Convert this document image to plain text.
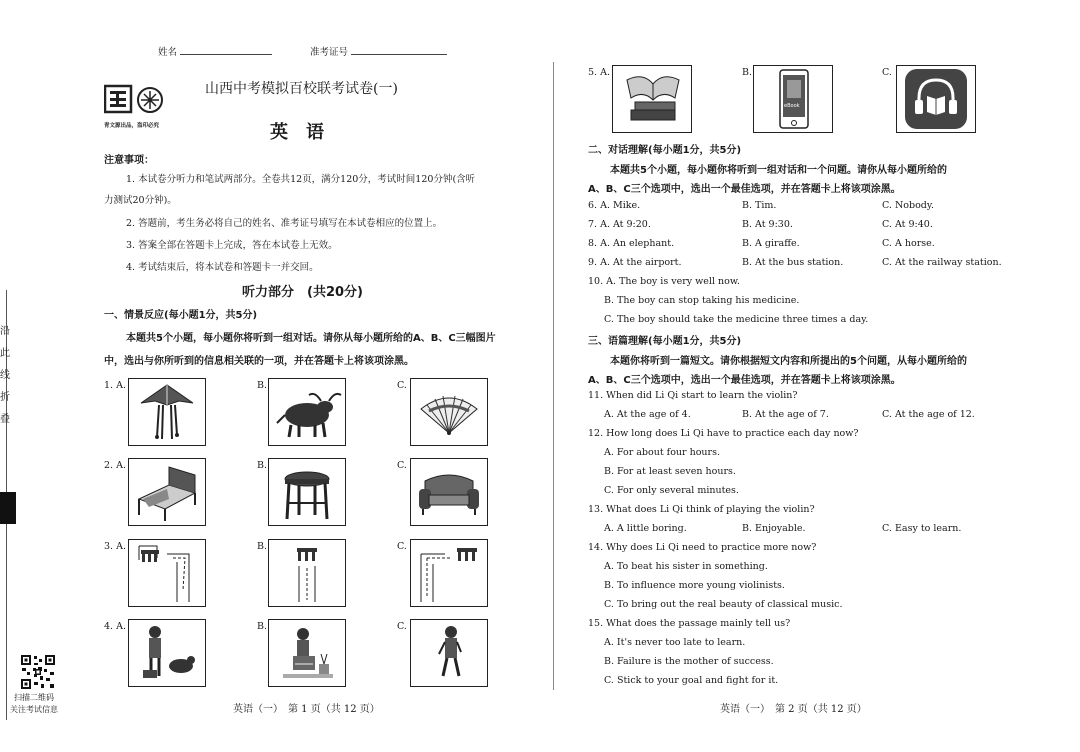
沿
此
线
折
叠
扫描二维码
关注考试信息
姓名	准考证号
青文源出品，盗印必究
山西中考模拟百校联考试卷(一)
英　语
注意事项：
1. 本试卷分听力和笔试两部分。全卷共12页，满分120分，考试时间120分钟(含听
力测试20分钟)。
2. 答题前，考生务必将自己的姓名、准考证号填写在本试卷相应的位置上。
3. 答案全部在答题卡上完成，答在本试卷上无效。
4. 考试结束后，将本试卷和答题卡一并交回。
听力部分　(共20分)
一、情景反应(每小题1分，共5分)
本题共5个小题，每小题你将听到一组对话。请你从每小题所给的A、B、C三幅图片
中，选出与你所听到的信息相关联的一项，并在答题卡上将该项涂黑。
1. A.	B.	C.
2. A.	B.	C.
3. A.	B.	C.
4. A.	B.	C.
英语（一）　第 1 页（共 12 页）
5. A.	B.
eBook
C.
二、对话理解(每小题1分，共5分)
本题共5个小题，每小题你将听到一组对话和一个问题。请你从每小题所给的
A、B、C三个选项中，选出一个最佳选项，并在答题卡上将该项涂黑。
6. A. Mike.	B. Tim.	C. Nobody.
7. A. At 9:20.	B. At 9:30.	C. At 9:40.
8. A. An elephant.	B. A giraffe.	C. A horse.
9. A. At the airport.	B. At the bus station.	C. At the railway station.
10. A. The boy is very well now.
B. The boy can stop taking his medicine.
C. The boy should take the medicine three times a day.
三、语篇理解(每小题1分，共5分)
本题你将听到一篇短文。请你根据短文内容和所提出的5个问题，从每小题所给的
A、B、C三个选项中，选出一个最佳选项，并在答题卡上将该项涂黑。
11. When did Li Qi start to learn the violin?
A. At the age of 4.	B. At the age of 7.	C. At the age of 12.
12. How long does Li Qi have to practice each day now?
A. For about four hours.
B. For at least seven hours.
C. For only several minutes.
13. What does Li Qi think of playing the violin?
A. A little boring.	B. Enjoyable.	C. Easy to learn.
14. Why does Li Qi need to practice more now?
A. To beat his sister in something.
B. To influence more young violinists.
C. To bring out the real beauty of classical music.
15. What does the passage mainly tell us?
A. It's never too late to learn.
B. Failure is the mother of success.
C. Stick to your goal and fight for it.
英语（一）　第 2 页（共 12 页）
